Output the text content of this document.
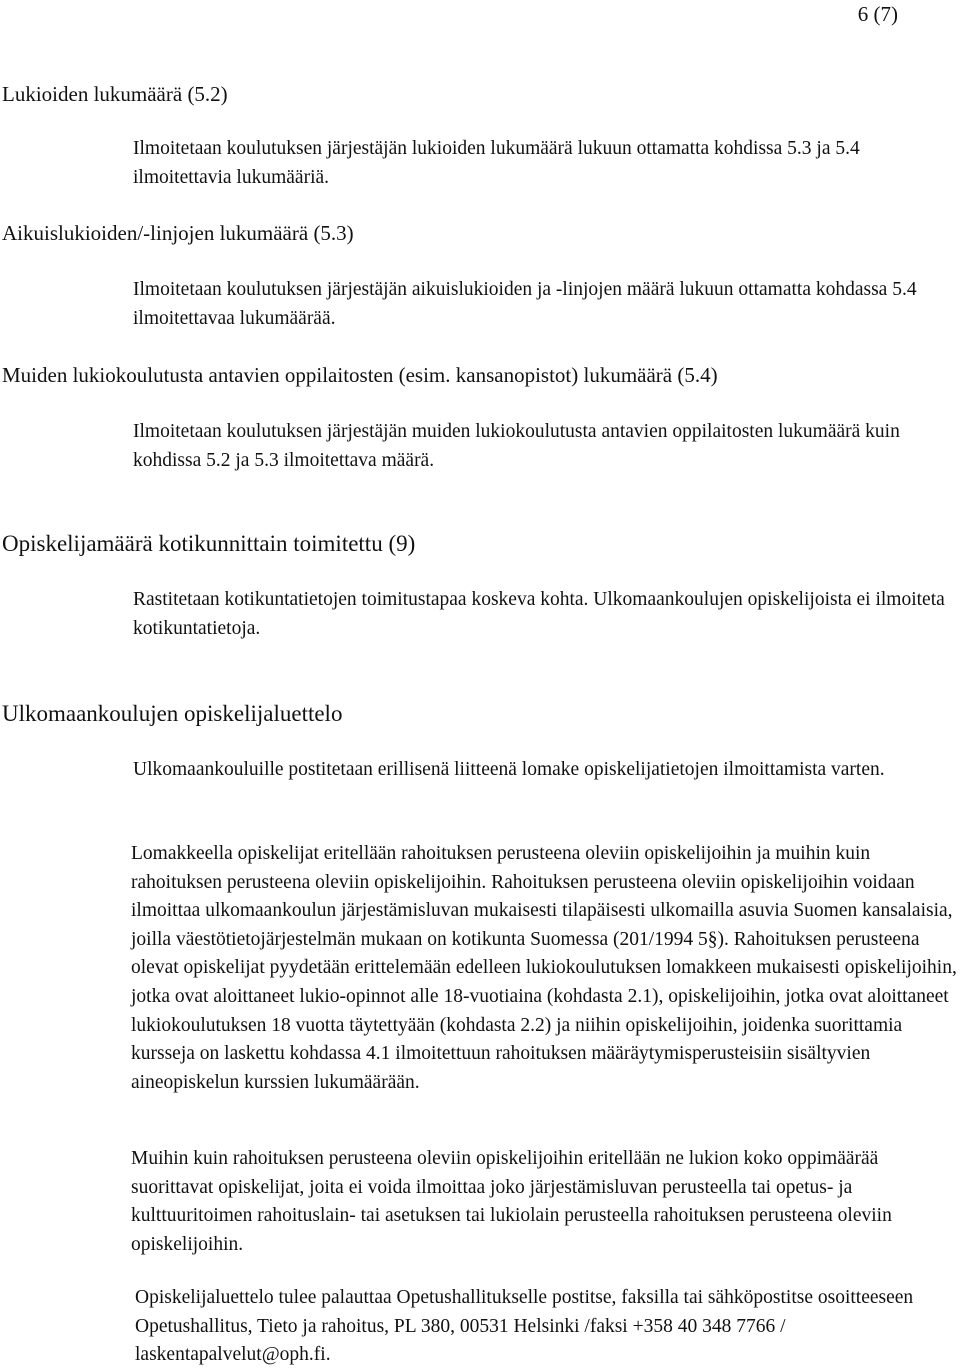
6 (7)
Lukioiden lukumäärä (5.2)
Ilmoitetaan koulutuksen järjestäjän lukioiden lukumäärä lukuun ottamatta kohdissa 5.3 ja 5.4 ilmoitettavia lukumääriä.
Aikuislukioiden/-linjojen lukumäärä (5.3)
Ilmoitetaan koulutuksen järjestäjän aikuislukioiden ja -linjojen määrä lukuun ottamatta kohdassa 5.4 ilmoitettavaa lukumäärää.
Muiden lukiokoulutusta antavien oppilaitosten (esim. kansanopistot) lukumäärä (5.4)
Ilmoitetaan koulutuksen järjestäjän muiden lukiokoulutusta antavien oppilaitosten lukumäärä kuin kohdissa 5.2 ja 5.3 ilmoitettava määrä.
Opiskelijamäärä kotikunnittain toimitettu (9)
Rastitetaan kotikuntatietojen toimitustapaa koskeva kohta. Ulkomaankoulujen opiskelijoista ei ilmoiteta kotikuntatietoja.
Ulkomaankoulujen opiskelijaluettelo
Ulkomaankouluille postitetaan erillisenä liitteenä lomake opiskelijatietojen ilmoittamista varten.
Lomakkeella opiskelijat eritellään rahoituksen perusteena oleviin opiskelijoihin ja muihin kuin rahoituksen perusteena oleviin opiskelijoihin. Rahoituksen perusteena oleviin opiskelijoihin voidaan ilmoittaa ulkomaankoulun järjestämisluvan mukaisesti tilapäisesti ulkomailla asuvia Suomen kansalaisia, joilla väestötietojärjestelmän mukaan on kotikunta Suomessa (201/1994 5§). Rahoituksen perusteena olevat opiskelijat pyydetään erittelemään edelleen lukiokoulutuksen lomakkeen mukaisesti opiskelijoihin, jotka ovat aloittaneet lukio-opinnot alle 18-vuotiaina (kohdasta 2.1), opiskelijoihin, jotka ovat aloittaneet lukiokoulutuksen 18 vuotta täytettyään (kohdasta 2.2) ja niihin opiskelijoihin, joidenka suorittamia kursseja on laskettu kohdassa 4.1 ilmoitettuun rahoituksen määräytymisperusteisiin sisältyvien aineopiskelun kurssien lukumäärään.
Muihin kuin rahoituksen perusteena oleviin opiskelijoihin eritellään ne lukion koko oppimäärää suorittavat opiskelijat, joita ei voida ilmoittaa joko järjestämisluvan perusteella tai opetus- ja kulttuuritoimen rahoituslain- tai asetuksen tai lukiolain perusteella rahoituksen perusteena oleviin opiskelijoihin.
Opiskelijaluettelo tulee palauttaa Opetushallitukselle postitse, faksilla tai sähköpostitse osoitteeseen Opetushallitus, Tieto ja rahoitus, PL 380, 00531 Helsinki /faksi +358 40 348 7766 / laskentapalvelut@oph.fi.
